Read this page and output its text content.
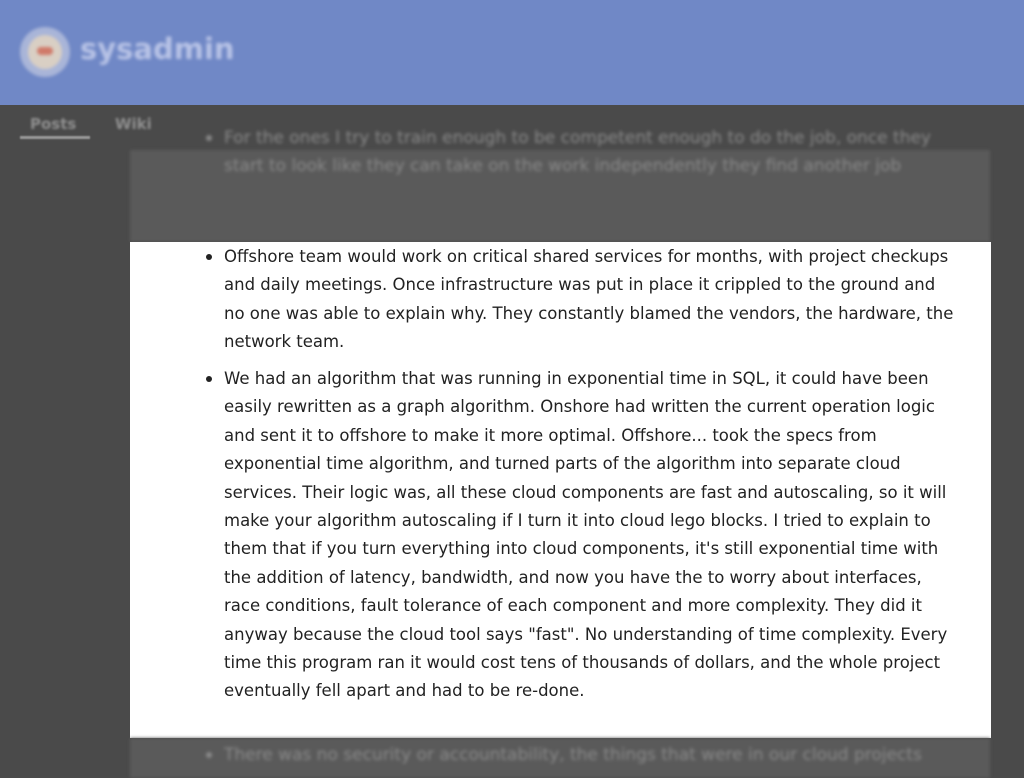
sysadmin
Posts	Wiki
For the ones I try to train enough to be competent enough to do the job, once they start to look like they can take on the work independently they find another job
Offshore team would work on critical shared services for months, with project checkups and daily meetings. Once infrastructure was put in place it crippled to the ground and no one was able to explain why. They constantly blamed the vendors, the hardware, the network team.
We had an algorithm that was running in exponential time in SQL, it could have been easily rewritten as a graph algorithm. Onshore had written the current operation logic and sent it to offshore to make it more optimal. Offshore... took the specs from exponential time algorithm, and turned parts of the algorithm into separate cloud services. Their logic was, all these cloud components are fast and autoscaling, so it will make your algorithm autoscaling if I turn it into cloud lego blocks. I tried to explain to them that if you turn everything into cloud components, it's still exponential time with the addition of latency, bandwidth, and now you have the to worry about interfaces, race conditions, fault tolerance of each component and more complexity. They did it anyway because the cloud tool says "fast". No understanding of time complexity. Every time this program ran it would cost tens of thousands of dollars, and the whole project eventually fell apart and had to be re-done.
There was no security or accountability, the things that were in our cloud projects
